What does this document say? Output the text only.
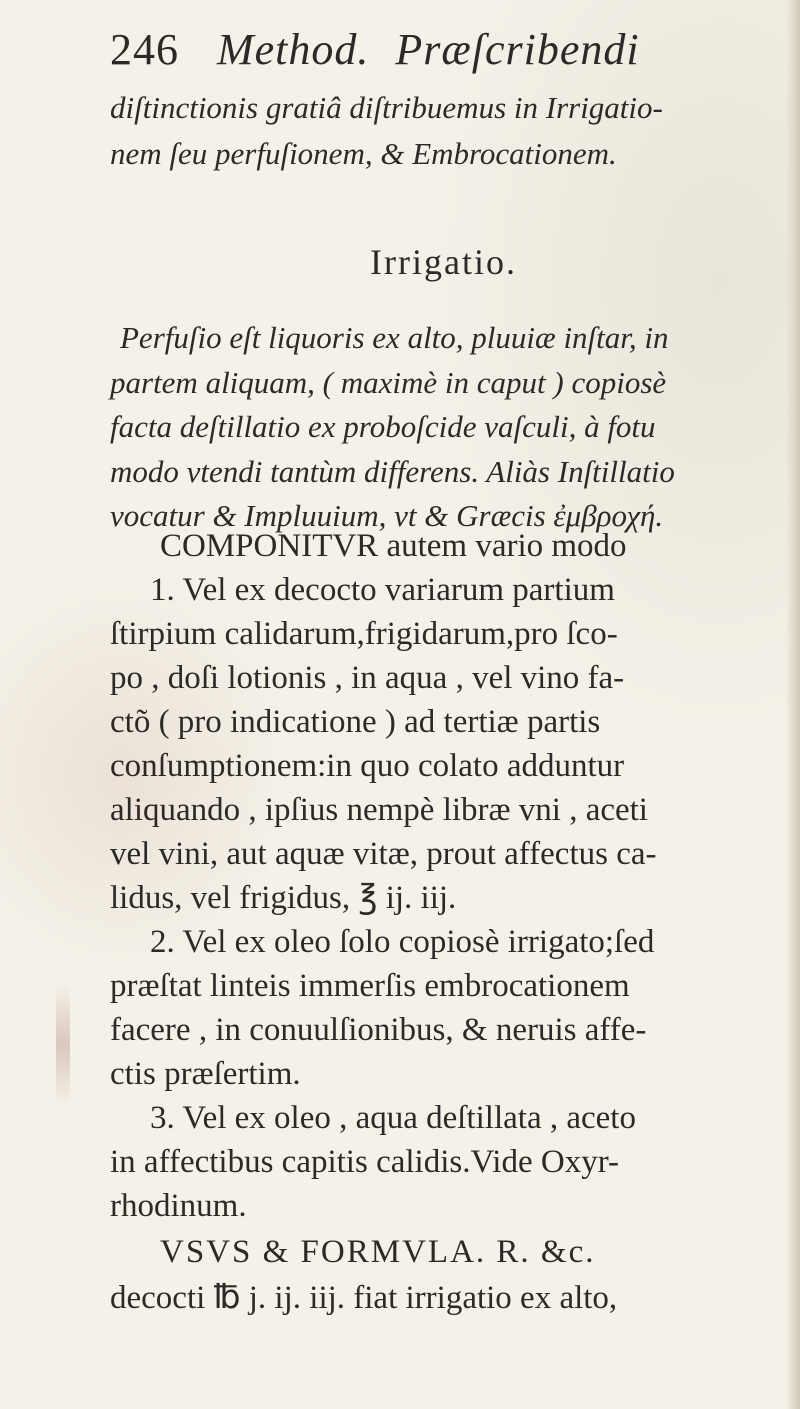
246 Method. Præſcribendi
diſtinctionis gratiâ diſtribuemus in Irrigatio-
nem ſeu perfuſionem, & Embrocationem.
Irrigatio.
Perfuſio eſt liquoris ex alto, pluuiæ inſtar, in
partem aliquam, ( maximè in caput ) copiosè
facta deſtillatio ex proboſcide vaſculi, à fotu
modo vtendi tantùm differens. Aliàs Inſtillatio
vocatur & Impluuium, vt & Græcis ἐμβροχή.
COMPONITVR autem vario modo
1. Vel ex decocto variarum partium
ſtirpium calidarum,frigidarum,pro ſco-
po , doſi lotionis , in aqua , vel vino fa-
ctõ ( pro indicatione ) ad tertiæ partis
conſumptionem:in quo colato adduntur
aliquando , ipſius nempè libræ vni , aceti
vel vini, aut aquæ vitæ, prout affectus ca-
lidus, vel frigidus, ℥ ij. iij.
2. Vel ex oleo ſolo copiosè irrigato;ſed
præſtat linteis immerſis embrocationem
facere , in conuulſionibus, & neruis affe-
ctis præſertim.
3. Vel ex oleo , aqua deſtillata , aceto
in affectibus capitis calidis.Vide Oxyr-
rhodinum.
VSVS & FORMVLA. R. &c.
decocti ℔ j. ij. iij. fiat irrigatio ex alto,
